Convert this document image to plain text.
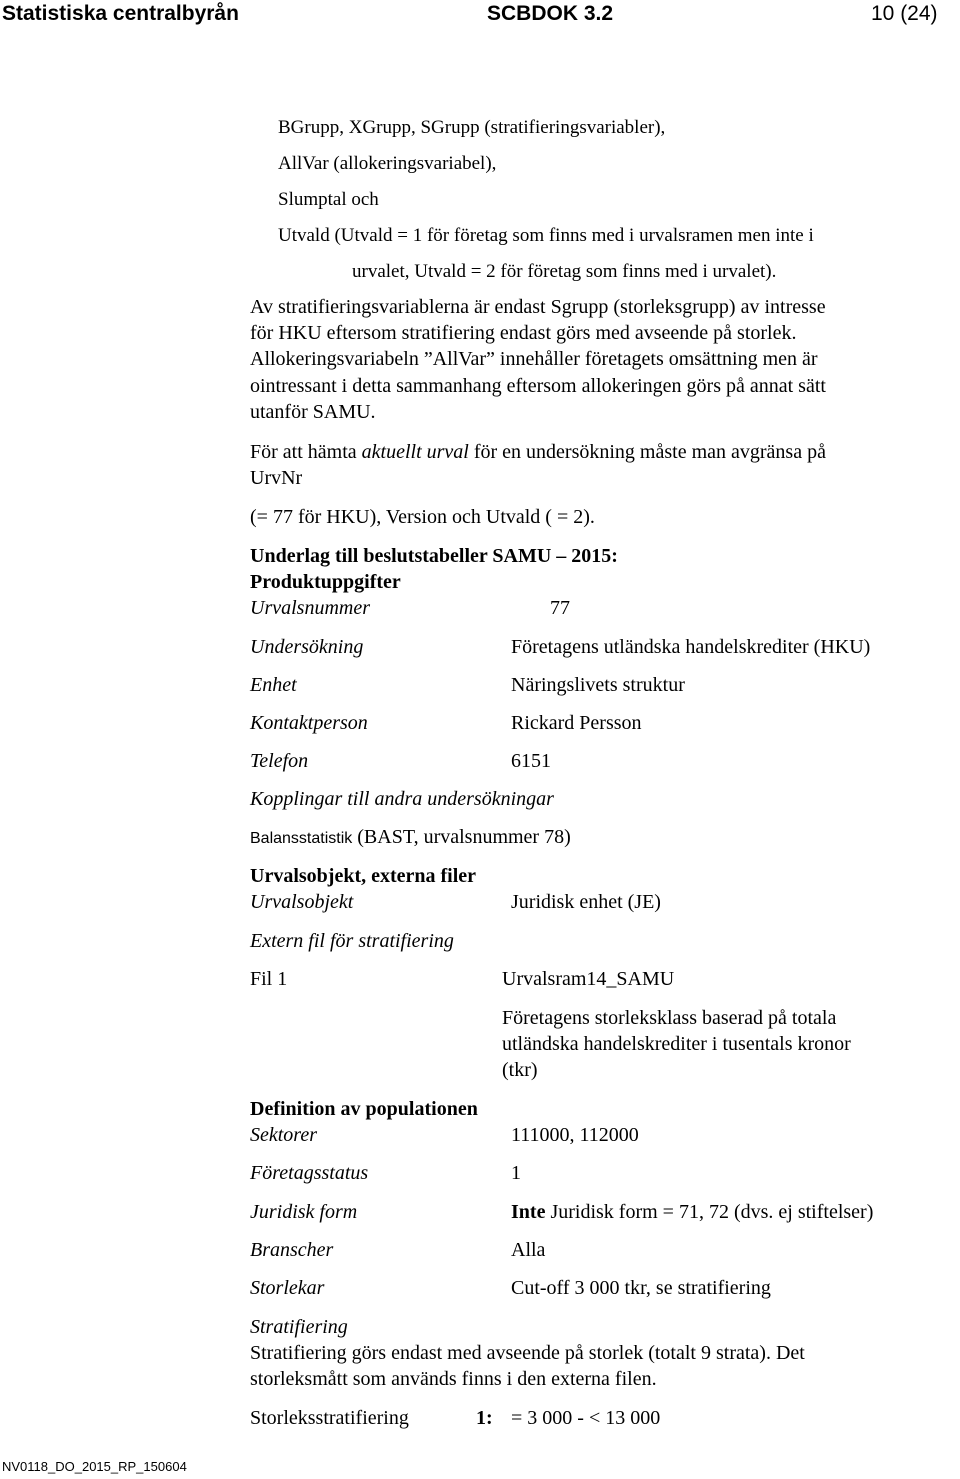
Statistiska centralbyrån	SCBDOK 3.2	10 (24)
BGrupp, XGrupp, SGrupp (stratifieringsvariabler),
AllVar (allokeringsvariabel),
Slumptal och
Utvald (Utvald = 1 för företag som finns med i urvalsramen men inte i
urvalet, Utvald = 2 för företag som finns med i urvalet).
Av stratifieringsvariablerna är endast Sgrupp (storleksgrupp) av intresse
för HKU eftersom stratifiering endast görs med avseende på storlek.
Allokeringsvariabeln ”AllVar” innehåller företagets omsättning men är
ointressant i detta sammanhang eftersom allokeringen görs på annat sätt
utanför SAMU.
För att hämta aktuellt urval för en undersökning måste man avgränsa på
UrvNr
(= 77 för HKU), Version och Utvald ( = 2).
Underlag till beslutstabeller SAMU – 2015:
Produktuppgifter
Urvalsnummer	77
Undersökning	Företagens utländska handelskrediter (HKU)
Enhet	Näringslivets struktur
Kontaktperson	Rickard Persson
Telefon	6151
Kopplingar till andra undersökningar
Balansstatistik (BAST, urvalsnummer 78)
Urvalsobjekt, externa filer
Urvalsobjekt	Juridisk enhet (JE)
Extern fil för stratifiering
Fil 1	Urvalsram14_SAMU
Företagens storleksklass baserad på totala
utländska handelskrediter i tusentals kronor
(tkr)
Definition av populationen
Sektorer	111000, 112000
Företagsstatus	1
Juridisk form	Inte Juridisk form = 71, 72 (dvs. ej stiftelser)
Branscher	Alla
Storlekar	Cut-off 3 000 tkr, se stratifiering
Stratifiering
Stratifiering görs endast med avseende på storlek (totalt 9 strata). Det
storleksmått som används finns i den externa filen.
Storleksstratifiering	1: = 3 000 - < 13 000
NV0118_DO_2015_RP_150604
